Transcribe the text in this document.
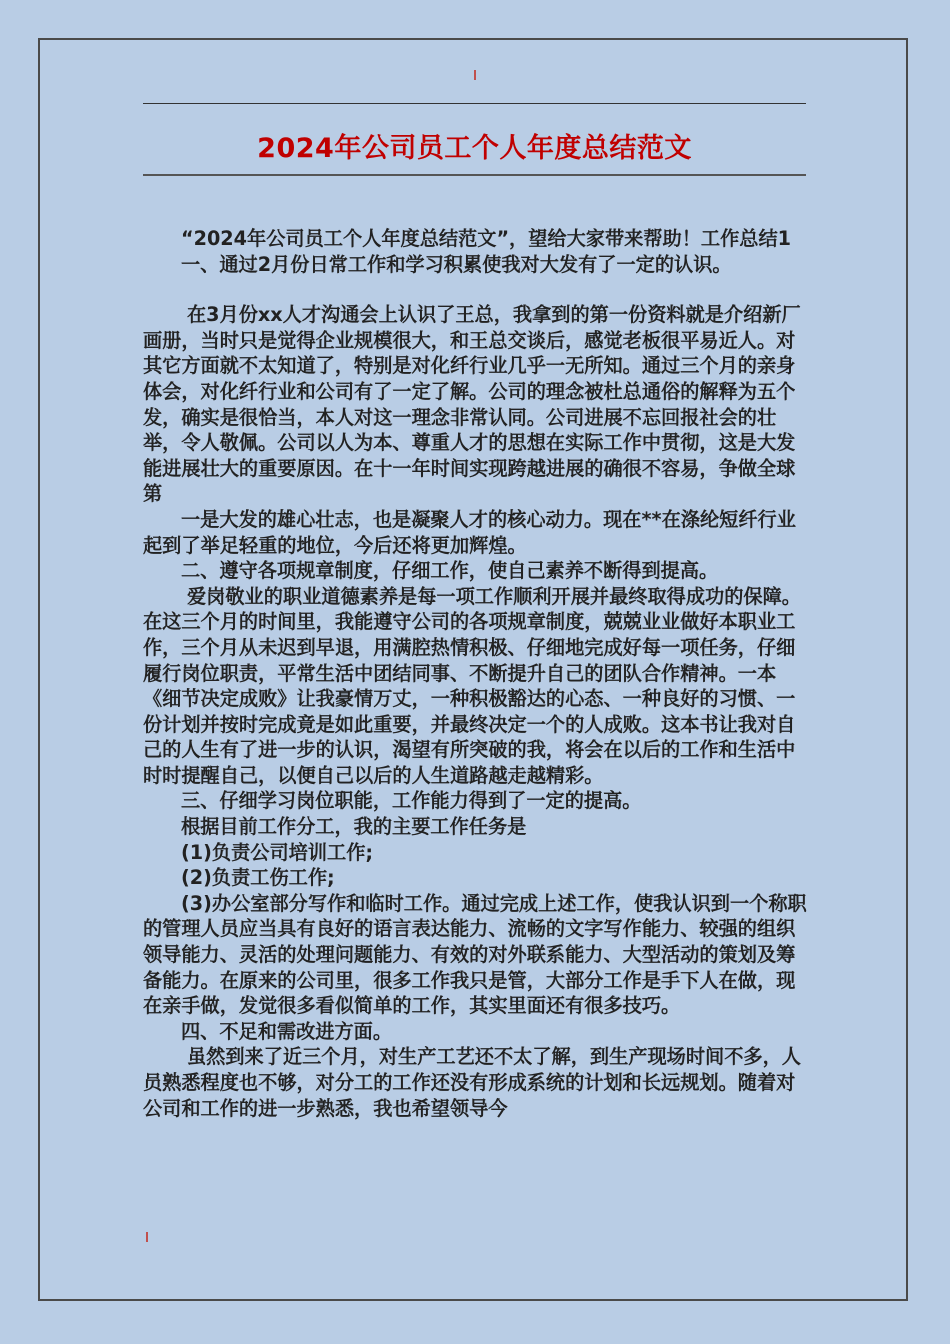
2024年公司员工个人年度总结范文

“2024年公司员工个人年度总结范文”，望给大家带来帮助！工作总结1

一、通过2月份日常工作和学习积累使我对大发有了一定的认识。

在3月份xx人才沟通会上认识了王总，我拿到的第一份资料就是介绍新厂画册，当时只是觉得企业规模很大，和王总交谈后，感觉老板很平易近人。对其它方面就不太知道了，特别是对化纤行业几乎一无所知。通过三个月的亲身体会，对化纤行业和公司有了一定了解。公司的理念被杜总通俗的解释为五个发，确实是很恰当，本人对这一理念非常认同。公司进展不忘回报社会的壮举，令人敬佩。公司以人为本、尊重人才的思想在实际工作中贯彻，这是大发能进展壮大的重要原因。在十一年时间实现跨越进展的确很不容易，争做全球第

一是大发的雄心壮志，也是凝聚人才的核心动力。现在**在涤纶短纤行业起到了举足轻重的地位，今后还将更加辉煌。

二、遵守各项规章制度，仔细工作，使自己素养不断得到提高。

爱岗敬业的职业道德素养是每一项工作顺利开展并最终取得成功的保障。在这三个月的时间里，我能遵守公司的各项规章制度，兢兢业业做好本职业工作，三个月从未迟到早退，用满腔热情积极、仔细地完成好每一项任务，仔细履行岗位职责，平常生活中团结同事、不断提升自己的团队合作精神。一本《细节决定成败》让我豪情万丈，一种积极豁达的心态、一种良好的习惯、一份计划并按时完成竟是如此重要，并最终决定一个的人成败。这本书让我对自己的人生有了进一步的认识，渴望有所突破的我，将会在以后的工作和生活中时时提醒自己，以便自己以后的人生道路越走越精彩。

三、仔细学习岗位职能，工作能力得到了一定的提高。

根据目前工作分工，我的主要工作任务是

(1)负责公司培训工作;

(2)负责工伤工作;

(3)办公室部分写作和临时工作。通过完成上述工作，使我认识到一个称职的管理人员应当具有良好的语言表达能力、流畅的文字写作能力、较强的组织领导能力、灵活的处理问题能力、有效的对外联系能力、大型活动的策划及筹备能力。在原来的公司里，很多工作我只是管，大部分工作是手下人在做，现在亲手做，发觉很多看似简单的工作，其实里面还有很多技巧。

四、不足和需改进方面。

虽然到来了近三个月，对生产工艺还不太了解，到生产现场时间不多，人员熟悉程度也不够，对分工的工作还没有形成系统的计划和长远规划。随着对公司和工作的进一步熟悉，我也希望领导今
